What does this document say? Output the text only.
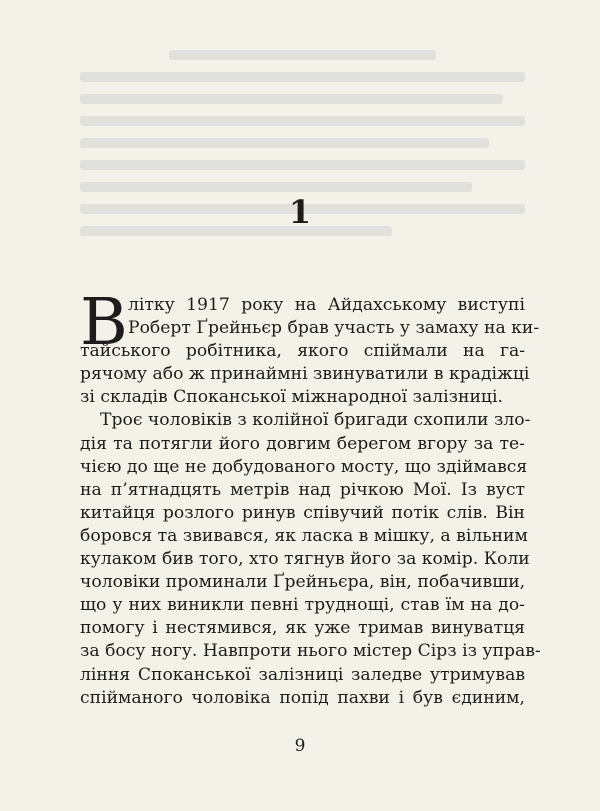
1
В літку 1917 року на Айдахському виступі
Роберт Ґрейньєр брав участь у замаху на ки-
тайського робітника, якого спіймали на га-
рячому або ж принаймні звинуватили в крадіжці
зі складів Споканської міжнародної залізниці.
Троє чоловіків з колійної бригади схопили зло-
дія та потягли його довгим берегом вгору за те-
чією до ще не добудованого мосту, що здіймався
на п’ятнадцять метрів над річкою Мої. Із вуст
китайця розлого ринув співучий потік слів. Він
боровся та звивався, як ласка в мішку, а вільним
кулаком бив того, хто тягнув його за комір. Коли
чоловіки проминали Ґрейньєра, він, побачивши,
що у них виникли певні труднощі, став їм на до-
помогу і нестямився, як уже тримав винуватця
за босу ногу. Навпроти нього містер Сірз із управ-
ління Споканської залізниці заледве утримував
спійманого чоловіка попід пахви і був єдиним,
9
